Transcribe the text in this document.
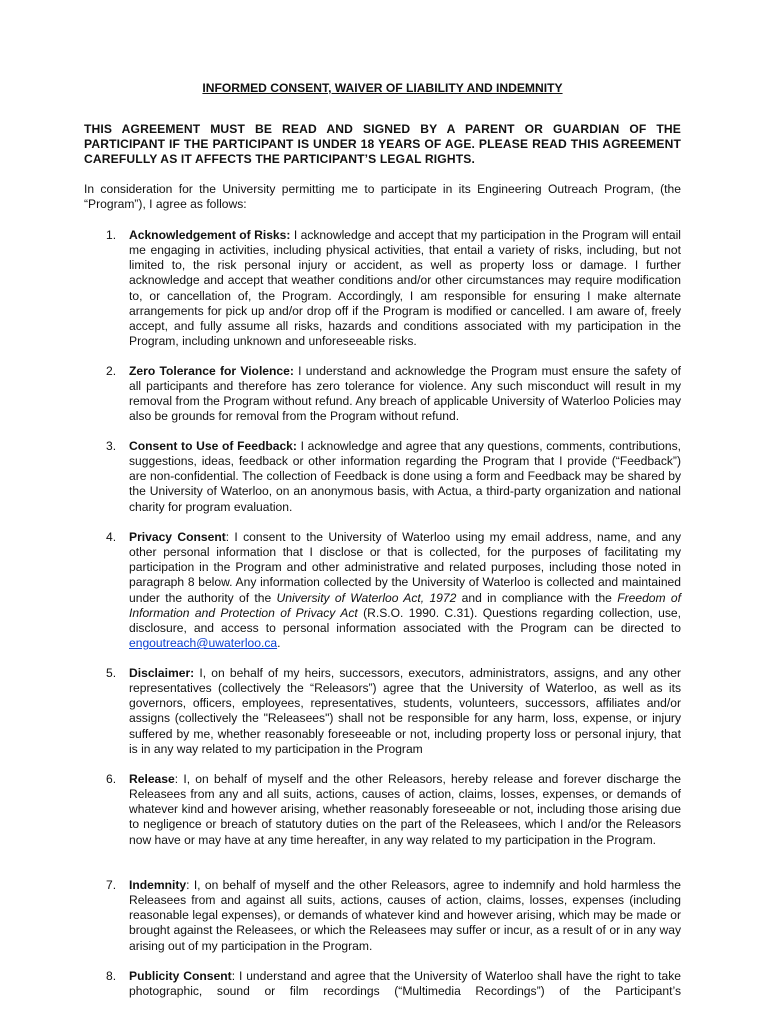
INFORMED CONSENT, WAIVER OF LIABILITY AND INDEMNITY
THIS AGREEMENT MUST BE READ AND SIGNED BY A PARENT OR GUARDIAN OF THE PARTICIPANT IF THE PARTICIPANT IS UNDER 18 YEARS OF AGE. PLEASE READ THIS AGREEMENT CAREFULLY AS IT AFFECTS THE PARTICIPANT’S LEGAL RIGHTS.
In consideration for the University permitting me to participate in its Engineering Outreach Program, (the “Program”), I agree as follows:
1.	Acknowledgement of Risks: I acknowledge and accept that my participation in the Program will entail me engaging in activities, including physical activities, that entail a variety of risks, including, but not limited to, the risk personal injury or accident, as well as property loss or damage. I further acknowledge and accept that weather conditions and/or other circumstances may require modification to, or cancellation of, the Program. Accordingly, I am responsible for ensuring I make alternate arrangements for pick up and/or drop off if the Program is modified or cancelled. I am aware of, freely accept, and fully assume all risks, hazards and conditions associated with my participation in the Program, including unknown and unforeseeable risks.
2.	Zero Tolerance for Violence: I understand and acknowledge the Program must ensure the safety of all participants and therefore has zero tolerance for violence. Any such misconduct will result in my removal from the Program without refund. Any breach of applicable University of Waterloo Policies may also be grounds for removal from the Program without refund.
3.	Consent to Use of Feedback: I acknowledge and agree that any questions, comments, contributions, suggestions, ideas, feedback or other information regarding the Program that I provide (“Feedback”) are non-confidential. The collection of Feedback is done using a form and Feedback may be shared by the University of Waterloo, on an anonymous basis, with Actua, a third-party organization and national charity for program evaluation.
4.	Privacy Consent: I consent to the University of Waterloo using my email address, name, and any other personal information that I disclose or that is collected, for the purposes of facilitating my participation in the Program and other administrative and related purposes, including those noted in paragraph 8 below. Any information collected by the University of Waterloo is collected and maintained under the authority of the University of Waterloo Act, 1972 and in compliance with the Freedom of Information and Protection of Privacy Act (R.S.O. 1990. C.31). Questions regarding collection, use, disclosure, and access to personal information associated with the Program can be directed to engoutreach@uwaterloo.ca.
5.	Disclaimer: I, on behalf of my heirs, successors, executors, administrators, assigns, and any other representatives (collectively the “Releasors”) agree that the University of Waterloo, as well as its governors, officers, employees, representatives, students, volunteers, successors, affiliates and/or assigns (collectively the "Releasees") shall not be responsible for any harm, loss, expense, or injury suffered by me, whether reasonably foreseeable or not, including property loss or personal injury, that is in any way related to my participation in the Program
6.	Release: I, on behalf of myself and the other Releasors, hereby release and forever discharge the Releasees from any and all suits, actions, causes of action, claims, losses, expenses, or demands of whatever kind and however arising, whether reasonably foreseeable or not, including those arising due to negligence or breach of statutory duties on the part of the Releasees, which I and/or the Releasors now have or may have at any time hereafter, in any way related to my participation in the Program.
7.	Indemnity: I, on behalf of myself and the other Releasors, agree to indemnify and hold harmless the Releasees from and against all suits, actions, causes of action, claims, losses, expenses (including reasonable legal expenses), or demands of whatever kind and however arising, which may be made or brought against the Releasees, or which the Releasees may suffer or incur, as a result of or in any way arising out of my participation in the Program.
8.	Publicity Consent: I understand and agree that the University of Waterloo shall have the right to take photographic, sound or film recordings (“Multimedia Recordings”) of the Participant’s
